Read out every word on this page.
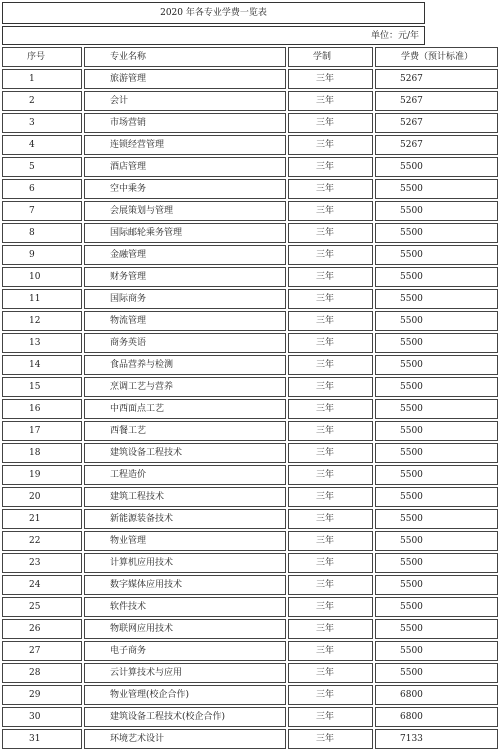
2020 年各专业学费一览表
单位：元/年
序号	专业名称	学制	学费（预计标准）
1	旅游管理	三年	5267
2	会计	三年	5267
3	市场营销	三年	5267
4	连锁经营管理	三年	5267
5	酒店管理	三年	5500
6	空中乘务	三年	5500
7	会展策划与管理	三年	5500
8	国际邮轮乘务管理	三年	5500
9	金融管理	三年	5500
10	财务管理	三年	5500
11	国际商务	三年	5500
12	物流管理	三年	5500
13	商务英语	三年	5500
14	食品营养与检测	三年	5500
15	烹调工艺与营养	三年	5500
16	中西面点工艺	三年	5500
17	西餐工艺	三年	5500
18	建筑设备工程技术	三年	5500
19	工程造价	三年	5500
20	建筑工程技术	三年	5500
21	新能源装备技术	三年	5500
22	物业管理	三年	5500
23	计算机应用技术	三年	5500
24	数字媒体应用技术	三年	5500
25	软件技术	三年	5500
26	物联网应用技术	三年	5500
27	电子商务	三年	5500
28	云计算技术与应用	三年	5500
29	物业管理(校企合作)	三年	6800
30	建筑设备工程技术(校企合作)	三年	6800
31	环境艺术设计	三年	7133
